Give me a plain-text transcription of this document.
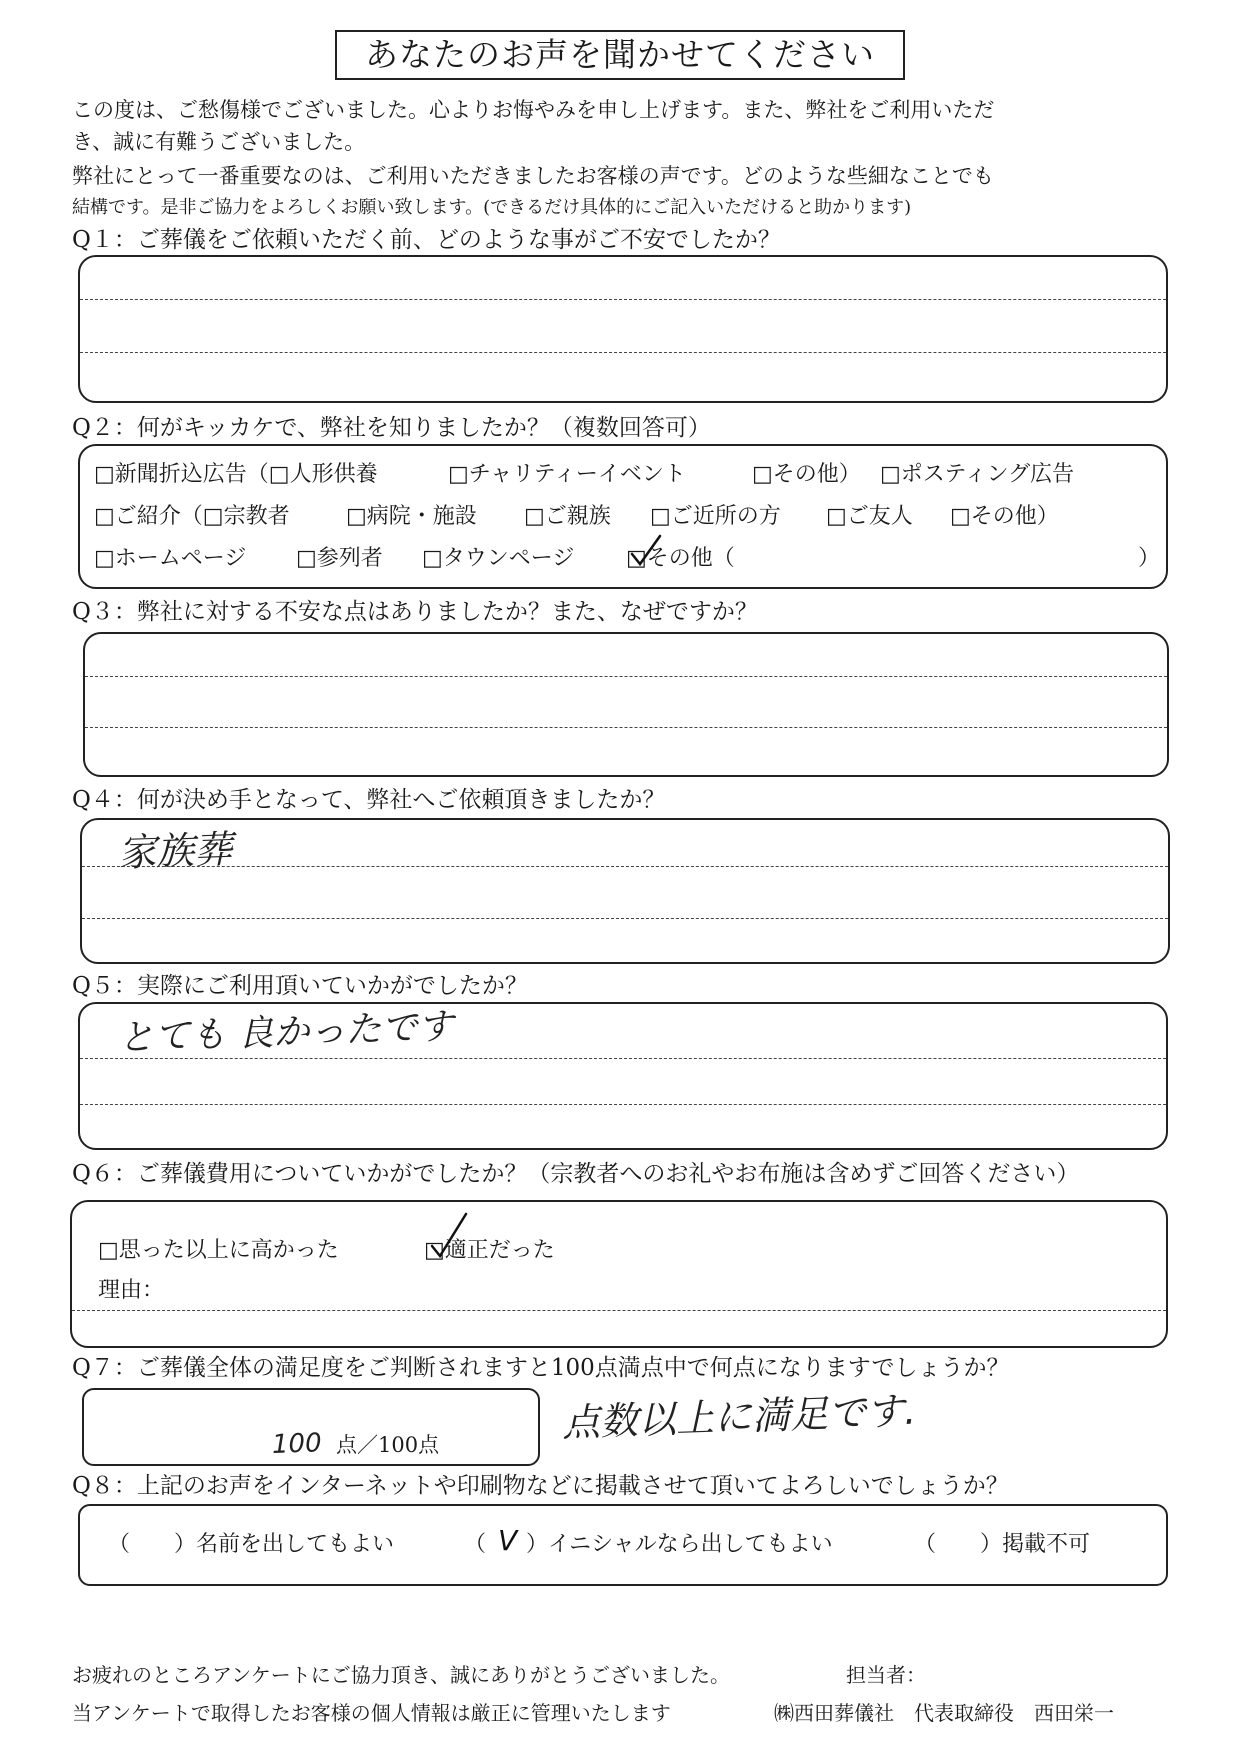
あなたのお声を聞かせてください
この度は、ご愁傷様でございました。心よりお悔やみを申し上げます。また、弊社をご利用いただ
き、誠に有難うございました。
弊社にとって一番重要なのは、ご利用いただきましたお客様の声です。どのような些細なことでも
結構です。是非ご協力をよろしくお願い致します。(できるだけ具体的にご記入いただけると助かります)
Q１：ご葬儀をご依頼いただく前、どのような事がご不安でしたか？
Q２：何がキッカケで、弊社を知りましたか？（複数回答可）
□新聞折込広告（□人形供養	□チャリティーイベント	□その他） □ポスティング広告
□ご紹介（□宗教者	□病院・施設 □ご親族 □ご近所の方 □ご友人 □その他）
□ホームページ □参列者 □タウンページ □その他（	）
Q３：弊社に対する不安な点はありましたか？また、なぜですか？
Q４：何が決め手となって、弊社へご依頼頂きましたか？
家族葬
Q５：実際にご利用頂いていかがでしたか？
とても 良かったです
Q６：ご葬儀費用についていかがでしたか？（宗教者へのお礼やお布施は含めずご回答ください）
□思った以上に高かった	□適正だった
理由：
Q７：ご葬儀全体の満足度をご判断されますと100点満点中で何点になりますでしょうか？
100 点／100点
点数以上に満足です.
Q８：上記のお声をインターネットや印刷物などに掲載させて頂いてよろしいでしょうか？
（　　）名前を出してもよい	（ V ）イニシャルなら出してもよい	（　　）掲載不可
お疲れのところアンケートにご協力頂き、誠にありがとうございました。	担当者：
当アンケートで取得したお客様の個人情報は厳正に管理いたします	㈱西田葬儀社　代表取締役　西田栄一
